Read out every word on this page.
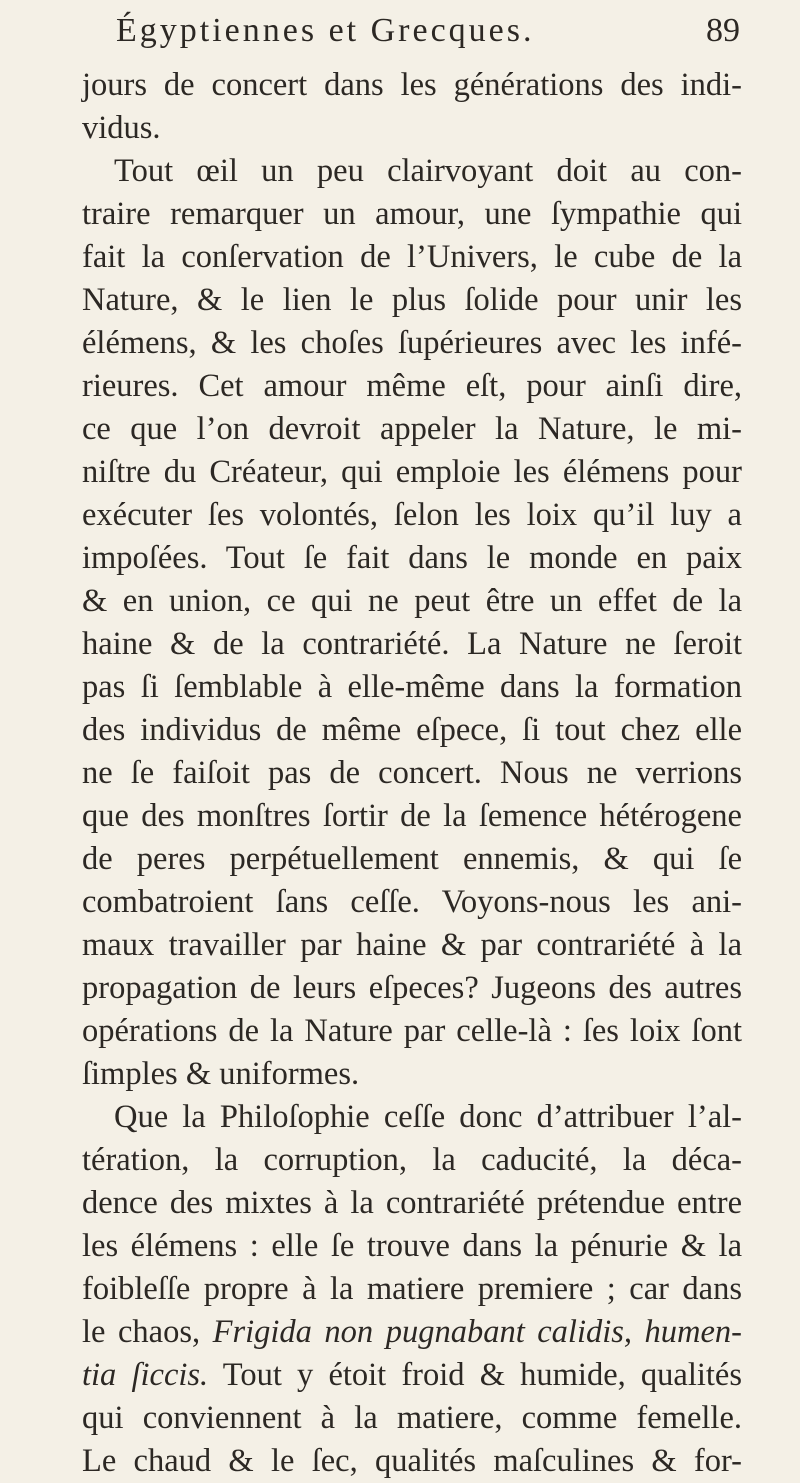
Égyptiennes et Grecques.	89
jours de concert dans les générations des indi-
vidus.
Tout œil un peu clairvoyant doit au con-
traire remarquer un amour, une ſympathie qui
fait la conſervation de l’Univers, le cube de la
Nature, & le lien le plus ſolide pour unir les
élémens, & les choſes ſupérieures avec les infé-
rieures. Cet amour même eſt, pour ainſi dire,
ce que l’on devroit appeler la Nature, le mi-
niſtre du Créateur, qui emploie les élémens pour
exécuter ſes volontés, ſelon les loix qu’il luy a
impoſées. Tout ſe fait dans le monde en paix
& en union, ce qui ne peut être un effet de la
haine & de la contrariété. La Nature ne ſeroit
pas ſi ſemblable à elle-même dans la formation
des individus de même eſpece, ſi tout chez elle
ne ſe faiſoit pas de concert. Nous ne verrions
que des monſtres ſortir de la ſemence hétérogene
de peres perpétuellement ennemis, & qui ſe
combatroient ſans ceſſe. Voyons-nous les ani-
maux travailler par haine & par contrariété à la
propagation de leurs eſpeces? Jugeons des autres
opérations de la Nature par celle-là : ſes loix ſont
ſimples & uniformes.
Que la Philoſophie ceſſe donc d’attribuer l’al-
tération, la corruption, la caducité, la déca-
dence des mixtes à la contrariété prétendue entre
les élémens : elle ſe trouve dans la pénurie & la
foibleſſe propre à la matiere premiere ; car dans
le chaos, Frigida non pugnabant calidis, humen-
tia ſiccis. Tout y étoit froid & humide, qualités
qui conviennent à la matiere, comme femelle.
Le chaud & le ſec, qualités maſculines & for-
